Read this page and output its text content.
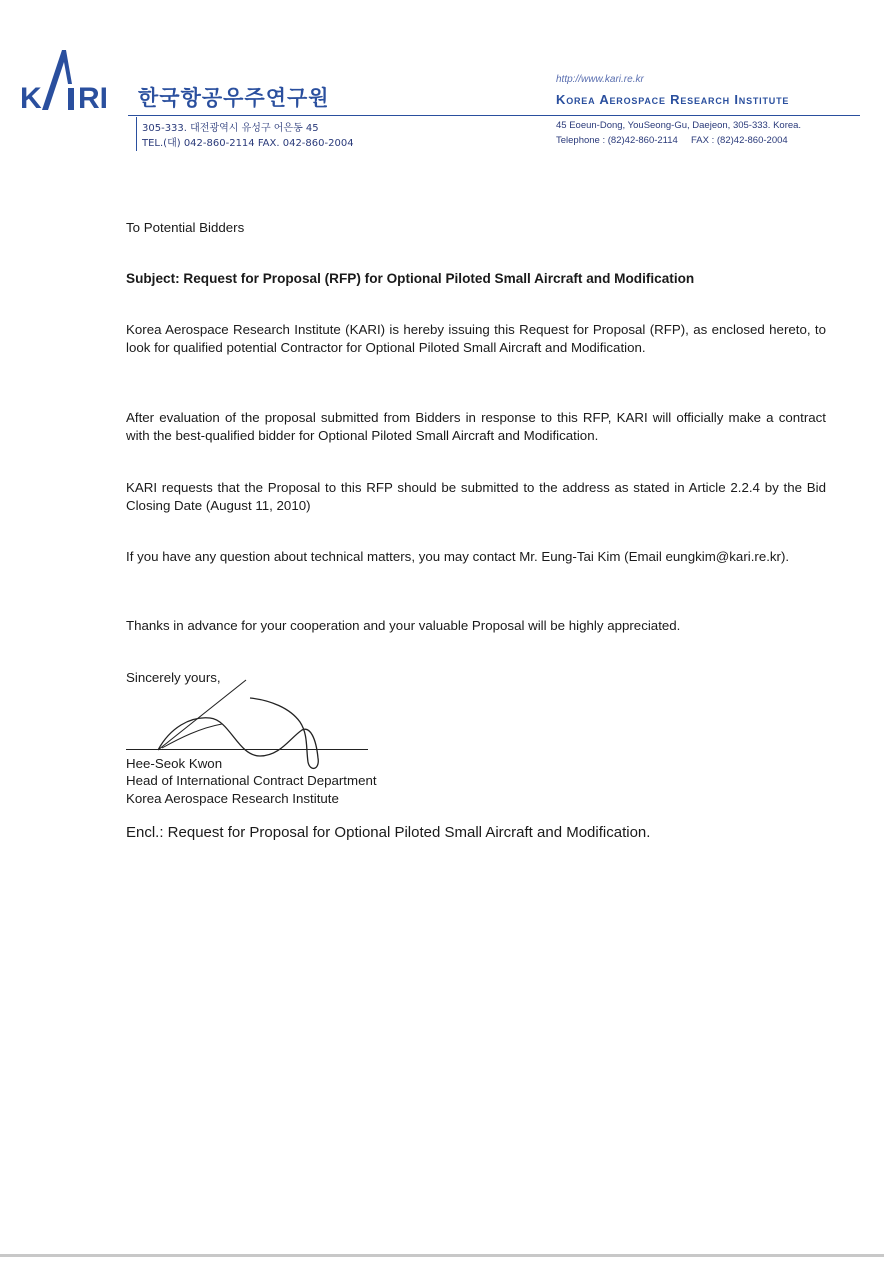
K RI 한국항공우주연구원
305-333. 대전광역시 유성구 어은동 45
TEL.(대) 042-860-2114 FAX. 042-860-2004
http://www.kari.re.kr
Korea Aerospace Research Institute
45 Eoeun-Dong, YouSeong-Gu, Daejeon, 305-333. Korea.
Telephone : (82)42-860-2114     FAX : (82)42-860-2004
To Potential Bidders
Subject: Request for Proposal (RFP) for Optional Piloted Small Aircraft and Modification
Korea Aerospace Research Institute (KARI) is hereby issuing this Request for Proposal (RFP), as enclosed hereto, to look for qualified potential Contractor for Optional Piloted Small Aircraft and Modification.
After evaluation of the proposal submitted from Bidders in response to this RFP, KARI will officially make a contract with the best-qualified bidder for Optional Piloted Small Aircraft and Modification.
KARI requests that the Proposal to this RFP should be submitted to the address as stated in Article 2.2.4 by the Bid Closing Date (August 11, 2010)
If you have any question about technical matters, you may contact Mr. Eung-Tai Kim (Email eungkim@kari.re.kr).
Thanks in advance for your cooperation and your valuable Proposal will be highly appreciated.
Sincerely yours,
Hee-Seok Kwon
Head of International Contract Department
Korea Aerospace Research Institute
Encl.: Request for Proposal for Optional Piloted Small Aircraft and Modification.
